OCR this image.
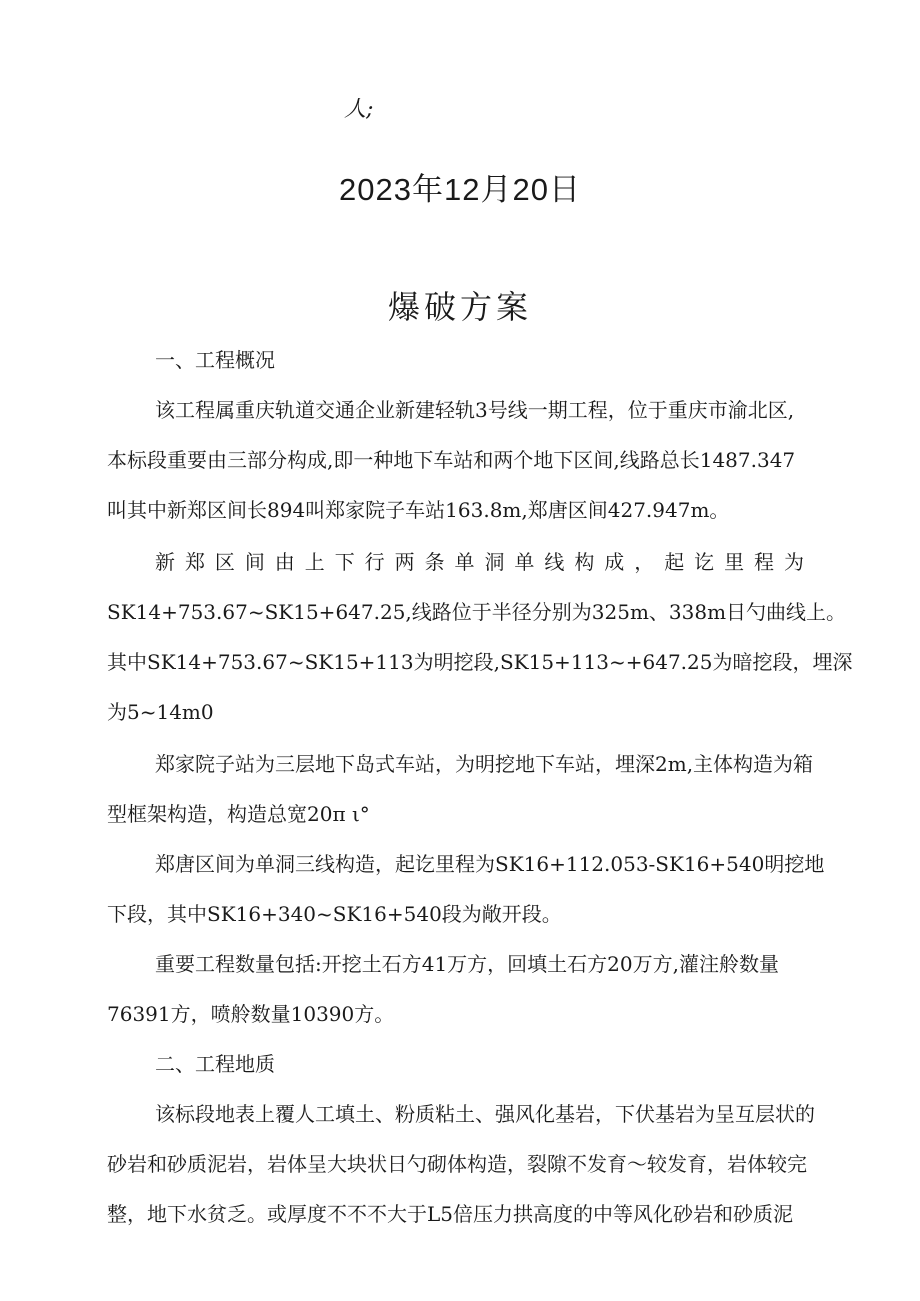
人;
2023年12月20日
爆破方案

一、工程概况

该工程属重庆轨道交通企业新建轻轨3号线一期工程，位于重庆市渝北区,

本标段重要由三部分构成,即一种地下车站和两个地下区间,线路总长1487.347

叫其中新郑区间长894叫郑家院子车站163.8m,郑唐区间427.947m。

新郑区间由上下行两条单洞单线构成，起讫里程为

SK14+753.67~SK15+647.25,线路位于半径分别为325m、338m日勺曲线上。

其中SK14+753.67~SK15+113为明挖段,SK15+113~+647.25为暗挖段，埋深

为5~14m0

郑家院子站为三层地下岛式车站，为明挖地下车站，埋深2m,主体构造为箱

型框架构造，构造总宽20π ι°

郑唐区间为单洞三线构造，起讫里程为SK16+112.053-SK16+540明挖地

下段，其中SK16+340~SK16+540段为敞开段。

重要工程数量包括:开挖土石方41万方，回填土石方20万方,灌注舲数量

76391方，喷舲数量10390方。

二、工程地质

该标段地表上覆人工填土、粉质粘土、强风化基岩，下伏基岩为呈互层状的

砂岩和砂质泥岩，岩体呈大块状日勺砌体构造，裂隙不发育～较发育，岩体较完

整，地下水贫乏。或厚度不不不大于L5倍压力拱高度的中等风化砂岩和砂质泥
